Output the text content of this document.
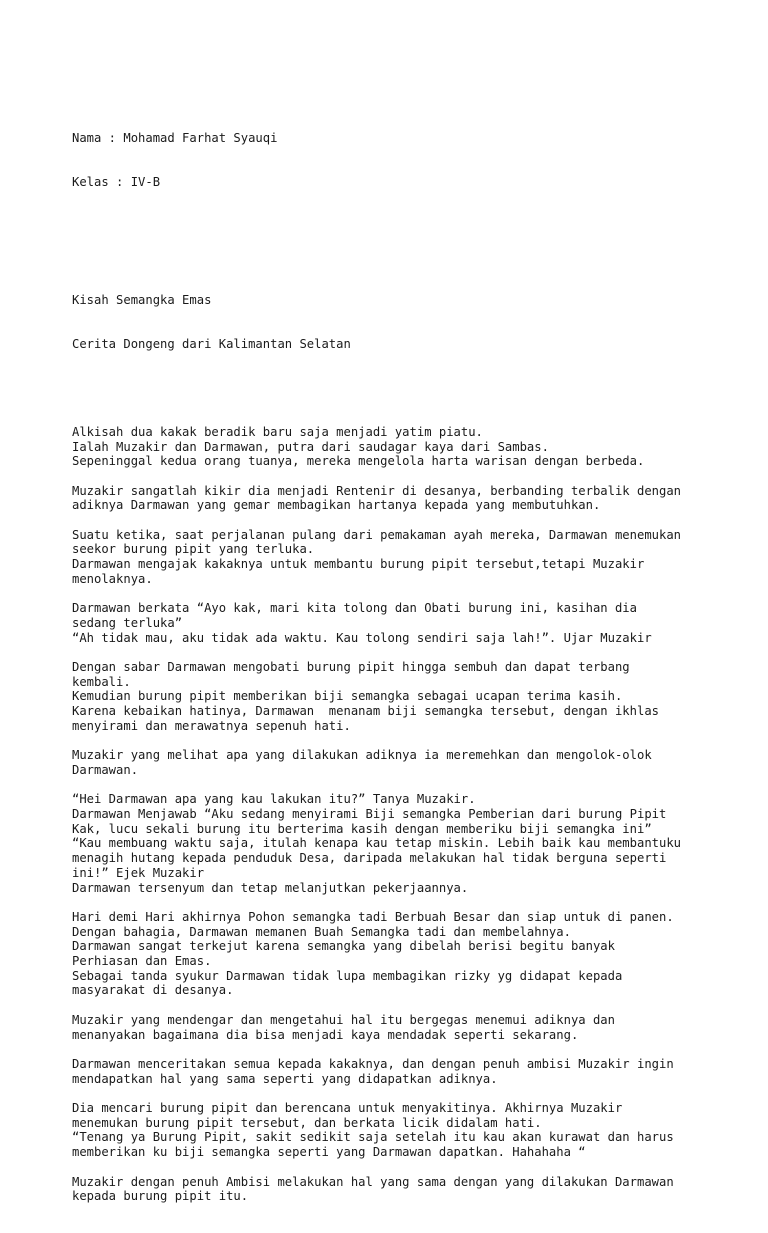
Nama : Mohamad Farhat Syauqi

Kelas : IV-B

Kisah Semangka Emas

Cerita Dongeng dari Kalimantan Selatan

Alkisah dua kakak beradik baru saja menjadi yatim piatu.
Ialah Muzakir dan Darmawan, putra dari saudagar kaya dari Sambas.
Sepeninggal kedua orang tuanya, mereka mengelola harta warisan dengan berbeda.
Muzakir sangatlah kikir dia menjadi Rentenir di desanya, berbanding terbalik dengan
adiknya Darmawan yang gemar membagikan hartanya kepada yang membutuhkan.
Suatu ketika, saat perjalanan pulang dari pemakaman ayah mereka, Darmawan menemukan
seekor burung pipit yang terluka.
Darmawan mengajak kakaknya untuk membantu burung pipit tersebut,tetapi Muzakir
menolaknya.
Darmawan berkata “Ayo kak, mari kita tolong dan Obati burung ini, kasihan dia
sedang terluka”
“Ah tidak mau, aku tidak ada waktu. Kau tolong sendiri saja lah!”. Ujar Muzakir
Dengan sabar Darmawan mengobati burung pipit hingga sembuh dan dapat terbang
kembali.
Kemudian burung pipit memberikan biji semangka sebagai ucapan terima kasih.
Karena kebaikan hatinya, Darmawan  menanam biji semangka tersebut, dengan ikhlas
menyirami dan merawatnya sepenuh hati.
Muzakir yang melihat apa yang dilakukan adiknya ia meremehkan dan mengolok-olok
Darmawan.
“Hei Darmawan apa yang kau lakukan itu?” Tanya Muzakir.
Darmawan Menjawab “Aku sedang menyirami Biji semangka Pemberian dari burung Pipit
Kak, lucu sekali burung itu berterima kasih dengan memberiku biji semangka ini”
“Kau membuang waktu saja, itulah kenapa kau tetap miskin. Lebih baik kau membantuku
menagih hutang kepada penduduk Desa, daripada melakukan hal tidak berguna seperti
ini!” Ejek Muzakir
Darmawan tersenyum dan tetap melanjutkan pekerjaannya.
Hari demi Hari akhirnya Pohon semangka tadi Berbuah Besar dan siap untuk di panen.
Dengan bahagia, Darmawan memanen Buah Semangka tadi dan membelahnya.
Darmawan sangat terkejut karena semangka yang dibelah berisi begitu banyak
Perhiasan dan Emas.
Sebagai tanda syukur Darmawan tidak lupa membagikan rizky yg didapat kepada
masyarakat di desanya.
Muzakir yang mendengar dan mengetahui hal itu bergegas menemui adiknya dan
menanyakan bagaimana dia bisa menjadi kaya mendadak seperti sekarang.
Darmawan menceritakan semua kepada kakaknya, dan dengan penuh ambisi Muzakir ingin
mendapatkan hal yang sama seperti yang didapatkan adiknya.
Dia mencari burung pipit dan berencana untuk menyakitinya. Akhirnya Muzakir
menemukan burung pipit tersebut, dan berkata licik didalam hati.
“Tenang ya Burung Pipit, sakit sedikit saja setelah itu kau akan kurawat dan harus
memberikan ku biji semangka seperti yang Darmawan dapatkan. Hahahaha “
Muzakir dengan penuh Ambisi melakukan hal yang sama dengan yang dilakukan Darmawan
kepada burung pipit itu.
